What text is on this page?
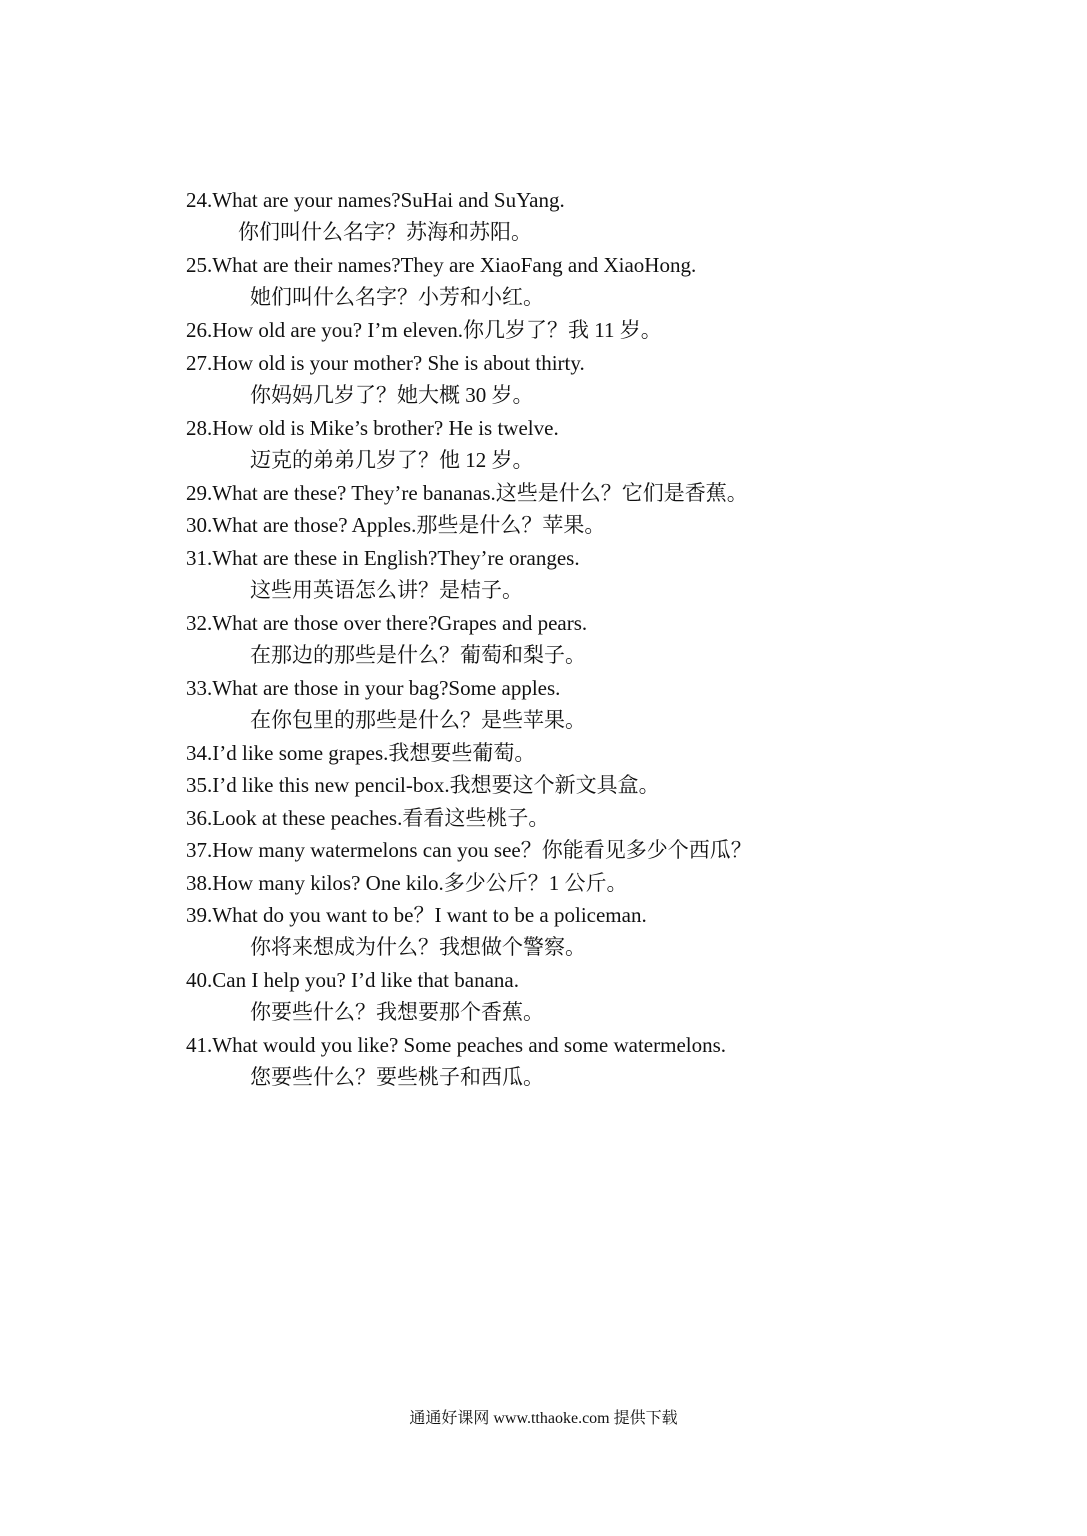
24.What are your names?SuHai and SuYang.
你们叫什么名字？苏海和苏阳。
25.What are their names?They are XiaoFang and XiaoHong.
她们叫什么名字？小芳和小红。
26.How old are you? I’m eleven.你几岁了？我 11 岁。
27.How old is your mother? She is about thirty.
你妈妈几岁了？她大概 30 岁。
28.How old is Mike’s brother? He is twelve.
迈克的弟弟几岁了？他 12 岁。
29.What are these? They’re bananas.这些是什么？它们是香蕉。
30.What are those? Apples.那些是什么？苹果。
31.What are these in English?They’re oranges.
这些用英语怎么讲？是桔子。
32.What are those over there?Grapes and pears.
在那边的那些是什么？葡萄和梨子。
33.What are those in your bag?Some apples.
在你包里的那些是什么？是些苹果。
34.I’d like some grapes.我想要些葡萄。
35.I’d like this new pencil-box.我想要这个新文具盒。
36.Look at these peaches.看看这些桃子。
37.How many watermelons can you see？你能看见多少个西瓜？
38.How many kilos? One kilo.多少公斤？1 公斤。
39.What do you want to be？I want to be a policeman.
你将来想成为什么？我想做个警察。
40.Can I help you? I’d like that banana.
你要些什么？我想要那个香蕉。
41.What would you like? Some peaches and some watermelons.
您要些什么？要些桃子和西瓜。
通通好课网 www.tthaoke.com 提供下载
